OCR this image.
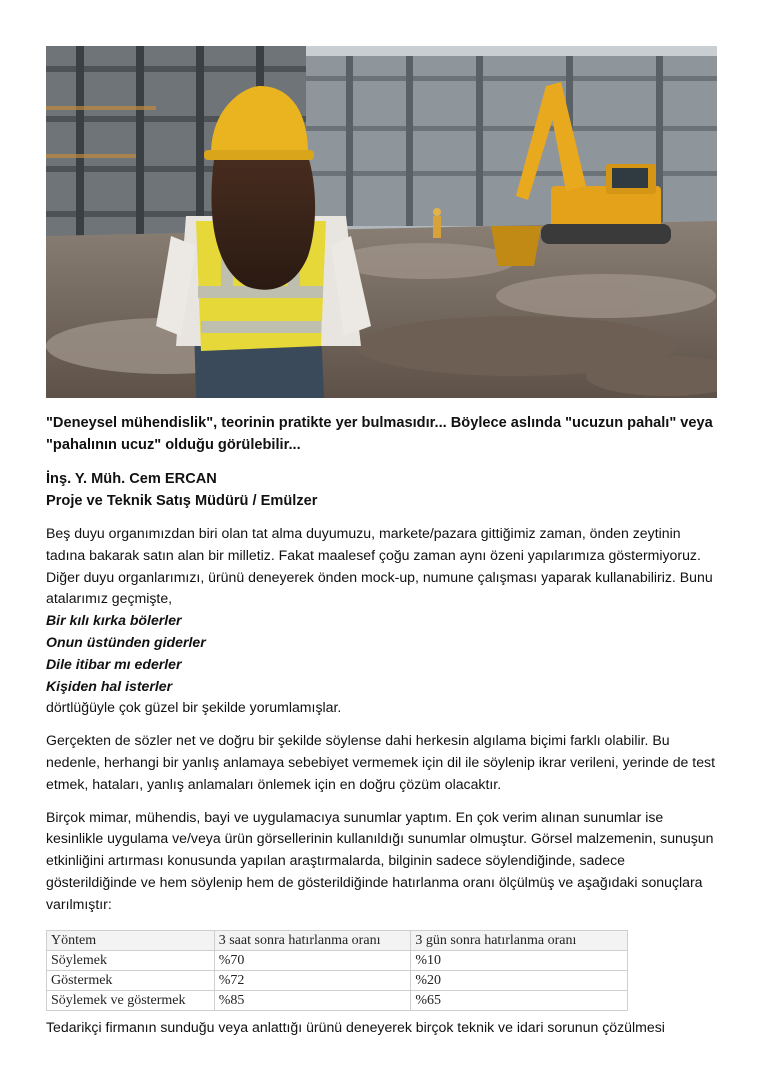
"Deneysel mühendislik", teorinin pratikte yer bulmasıdır... Böylece aslında "ucuzun pahalı" veya "pahalının ucuz" olduğu görülebilir...
İnş. Y. Müh. Cem ERCAN
Proje ve Teknik Satış Müdürü / Emülzer
Beş duyu organımızdan biri olan tat alma duyumuzu, markete/pazara gittiğimiz zaman, önden zeytinin tadına bakarak satın alan bir milletiz. Fakat maalesef çoğu zaman aynı özeni yapılarımıza göstermiyoruz. Diğer duyu organlarımızı, ürünü deneyerek önden mock-up, numune çalışması yaparak kullanabiliriz. Bunu atalarımız geçmişte,
Bir kılı kırka bölerler
Onun üstünden giderler
Dile itibar mı ederler
Kişiden hal isterler
dörtlüğüyle çok güzel bir şekilde yorumlamışlar.
Gerçekten de sözler net ve doğru bir şekilde söylense dahi herkesin algılama biçimi farklı olabilir. Bu nedenle, herhangi bir yanlış anlamaya sebebiyet vermemek için dil ile söylenip ikrar verileni, yerinde de test etmek, hataları, yanlış anlamaları önlemek için en doğru çözüm olacaktır.
Birçok mimar, mühendis, bayi ve uygulamacıya sunumlar yaptım. En çok verim alınan sunumlar ise kesinlikle uygulama ve/veya ürün görsellerinin kullanıldığı sunumlar olmuştur. Görsel malzemenin, sunuşun etkinliğini artırması konusunda yapılan araştırmalarda, bilginin sadece söylendiğinde, sadece gösterildiğinde ve hem söylenip hem de gösterildiğinde hatırlanma oranı ölçülmüş ve aşağıdaki sonuçlara varılmıştır:
Yöntem	3 saat sonra hatırlanma oranı	3 gün sonra hatırlanma oranı
Söylemek	%70	%10
Göstermek	%72	%20
Söylemek ve göstermek	%85	%65
Tedarikçi firmanın sunduğu veya anlattığı ürünü deneyerek birçok teknik ve idari sorunun çözülmesi
